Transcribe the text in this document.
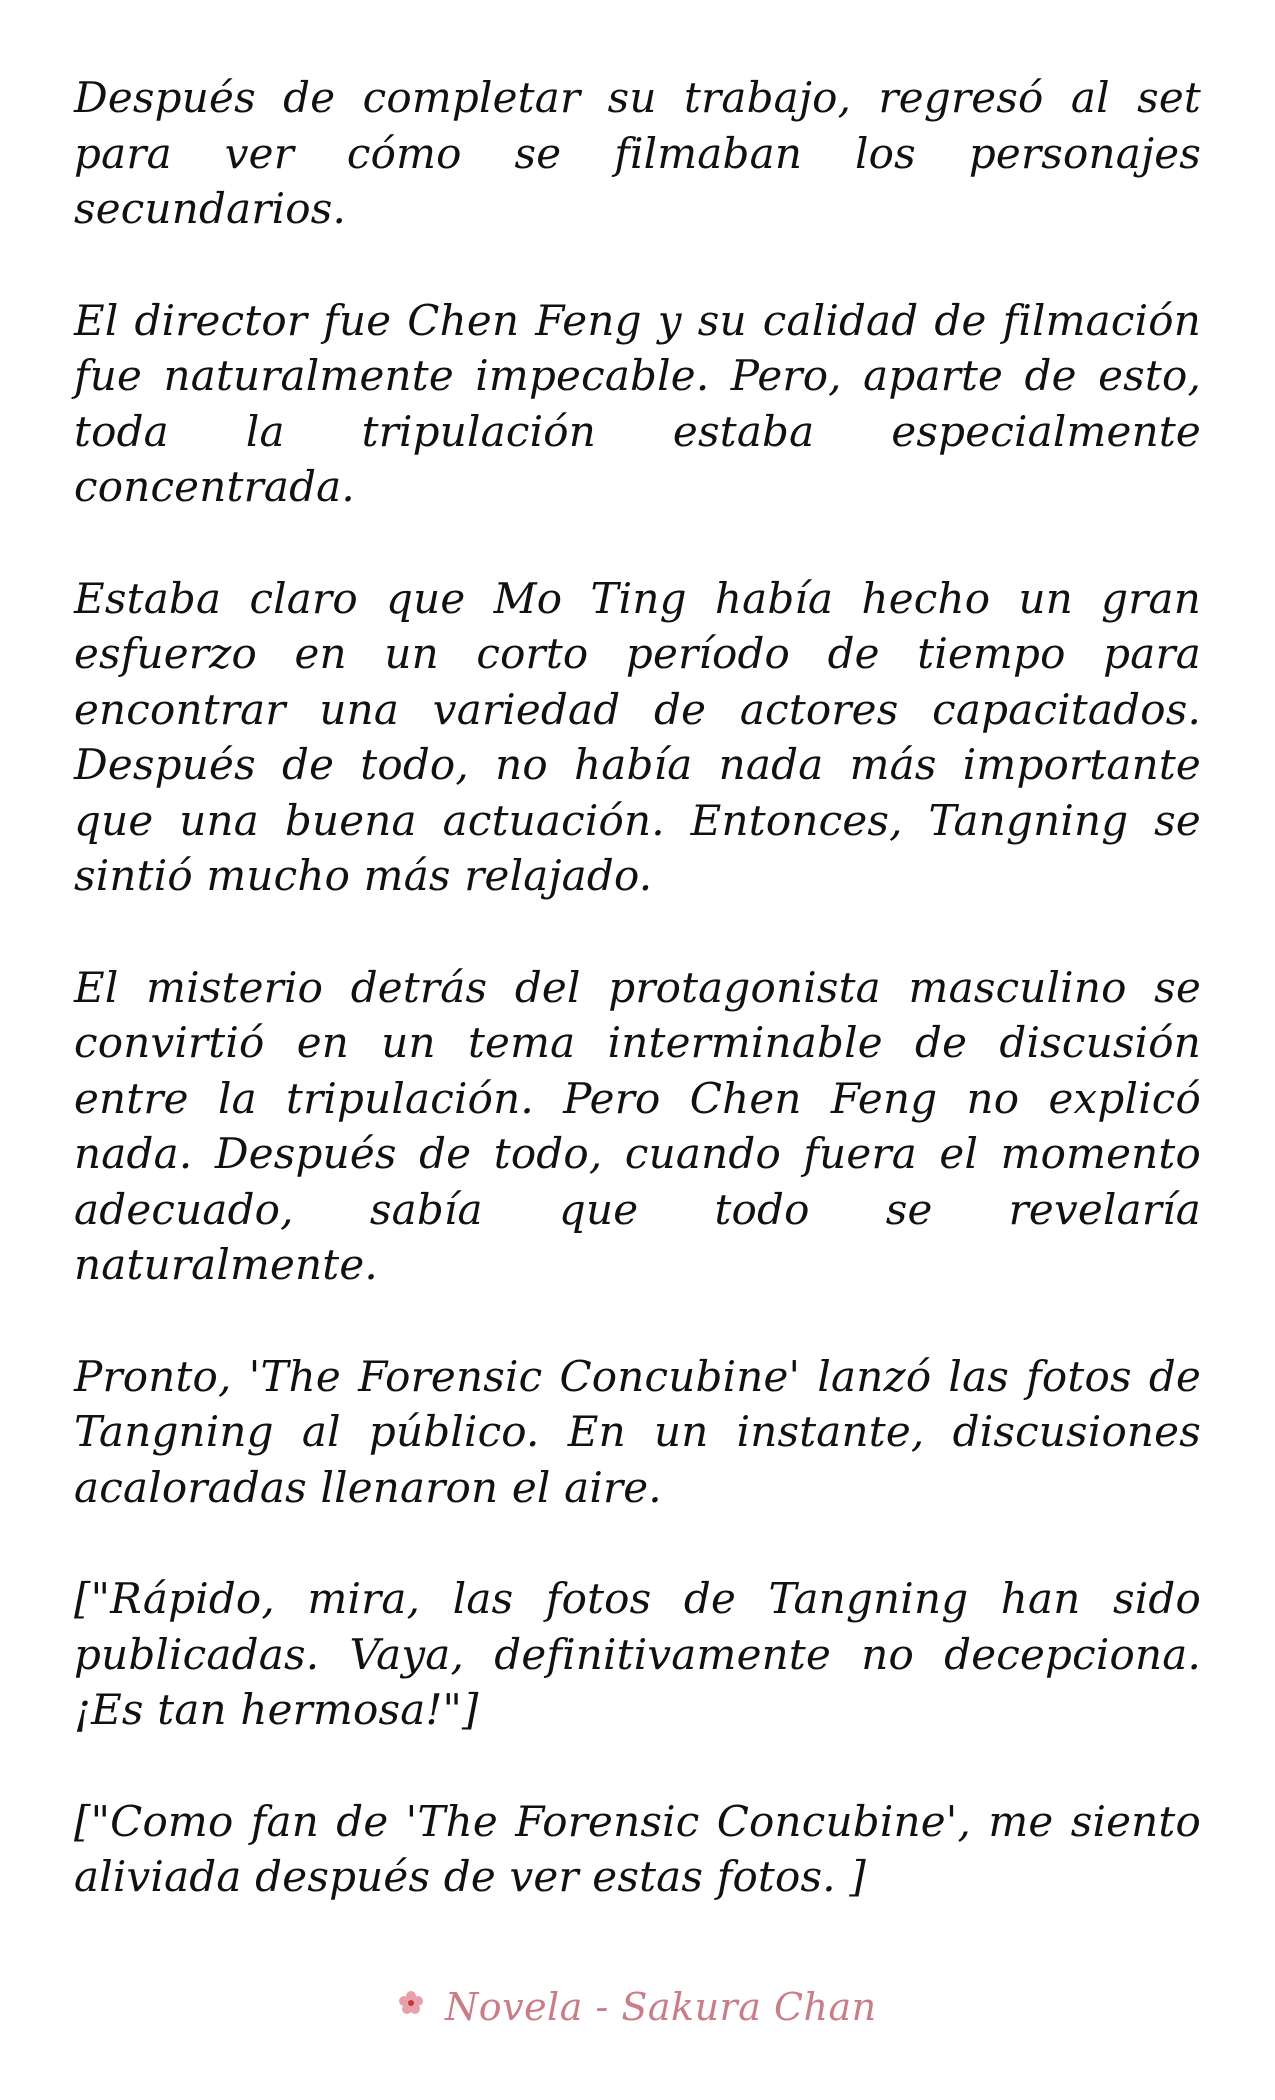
Después de completar su trabajo, regresó al set para ver cómo se filmaban los personajes secundarios.

El director fue Chen Feng y su calidad de filmación fue naturalmente impecable. Pero, aparte de esto, toda la tripulación estaba especialmente concentrada.

Estaba claro que Mo Ting había hecho un gran esfuerzo en un corto período de tiempo para encontrar una variedad de actores capacitados. Después de todo, no había nada más importante que una buena actuación. Entonces, Tangning se sintió mucho más relajado.

El misterio detrás del protagonista masculino se convirtió en un tema interminable de discusión entre la tripulación. Pero Chen Feng no explicó nada. Después de todo, cuando fuera el momento adecuado, sabía que todo se revelaría naturalmente.

Pronto, 'The Forensic Concubine' lanzó las fotos de Tangning al público. En un instante, discusiones acaloradas llenaron el aire.

["Rápido, mira, las fotos de Tangning han sido publicadas. Vaya, definitivamente no decepciona. ¡Es tan hermosa!"]

["Como fan de 'The Forensic Concubine', me siento aliviada después de ver estas fotos. ]

Novela - Sakura Chan
